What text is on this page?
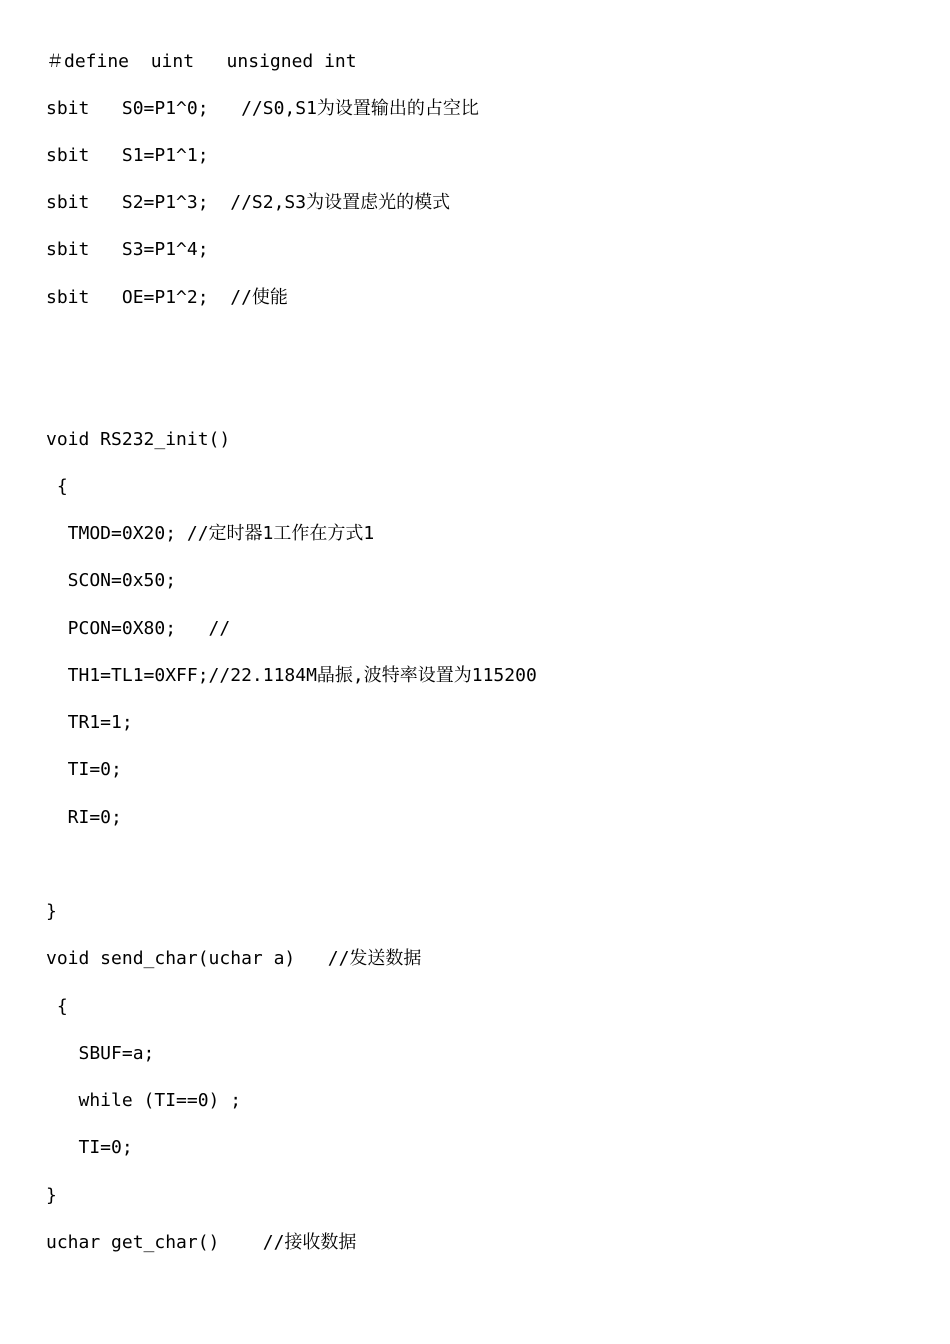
＃define  uint   unsigned int
sbit   S0=P1^0;   //S0,S1为设置输出的占空比
sbit   S1=P1^1;
sbit   S2=P1^3;  //S2,S3为设置虑光的模式
sbit   S3=P1^4;
sbit   OE=P1^2;  //使能
void RS232_init()
{
TMOD=0X20; //定时器1工作在方式1
SCON=0x50;
PCON=0X80;   //
TH1=TL1=0XFF;//22.1184M晶振,波特率设置为115200
TR1=1;
TI=0;
RI=0;
}
void send_char(uchar a)   //发送数据
{
SBUF=a;
while (TI==0) ;
TI=0;
}
uchar get_char()    //接收数据
